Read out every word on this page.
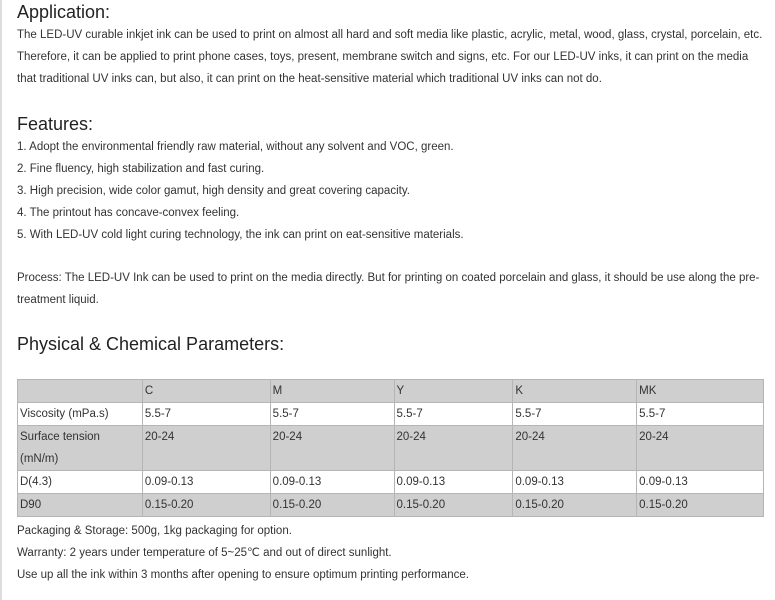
Application:

The LED-UV curable inkjet ink can be used to print on almost all hard and soft media like plastic, acrylic, metal, wood, glass, crystal, porcelain, etc. Therefore, it can be applied to print phone cases, toys, present, membrane switch and signs, etc. For our LED-UV inks, it can print on the media that traditional UV inks can, but also, it can print on the heat-sensitive material which traditional UV inks can not do.

Features:

1. Adopt the environmental friendly raw material, without any solvent and VOC, green.

2. Fine fluency, high stabilization and fast curing.

3. High precision, wide color gamut, high density and great covering capacity.

4. The printout has concave-convex feeling.

5. With LED-UV cold light curing technology, the ink can print on eat-sensitive materials.

Process: The LED-UV Ink can be used to print on the media directly. But for printing on coated porcelain and glass, it should be use along the pre-treatment liquid.

Physical & Chemical Parameters:
	C	M	Y	K	MK
Viscosity (mPa.s)	5.5-7	5.5-7	5.5-7	5.5-7	5.5-7
Surface tension (mN/m)	20-24	20-24	20-24	20-24	20-24
D(4.3)	0.09-0.13	0.09-0.13	0.09-0.13	0.09-0.13	0.09-0.13
D90	0.15-0.20	0.15-0.20	0.15-0.20	0.15-0.20	0.15-0.20

Packaging & Storage: 500g, 1kg packaging for option.

Warranty: 2 years under temperature of 5~25℃ and out of direct sunlight.

Use up all the ink within 3 months after opening to ensure optimum printing performance.
